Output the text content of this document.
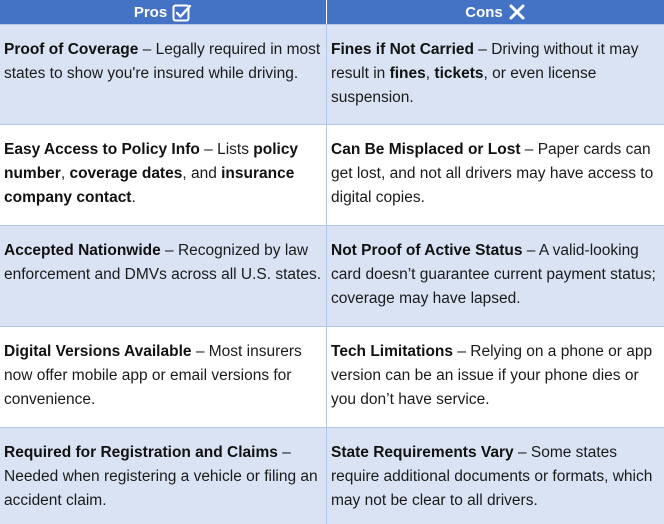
Pros	Cons
Proof of Coverage – Legally required in most states to show you're insured while driving.
Fines if Not Carried – Driving without it may result in fines, tickets, or even license suspension.
Easy Access to Policy Info – Lists policy number, coverage dates, and insurance company contact.
Can Be Misplaced or Lost – Paper cards can get lost, and not all drivers may have access to digital copies.
Accepted Nationwide – Recognized by law enforcement and DMVs across all U.S. states.
Not Proof of Active Status – A valid-looking card doesn’t guarantee current payment status; coverage may have lapsed.
Digital Versions Available – Most insurers now offer mobile app or email versions for convenience.
Tech Limitations – Relying on a phone or app version can be an issue if your phone dies or you don’t have service.
Required for Registration and Claims – Needed when registering a vehicle or filing an accident claim.
State Requirements Vary – Some states require additional documents or formats, which may not be clear to all drivers.
